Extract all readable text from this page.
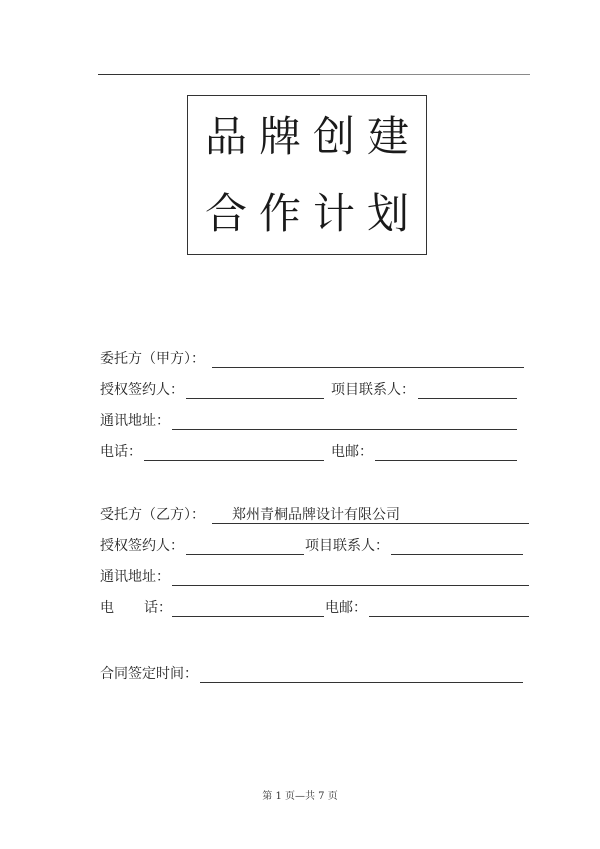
品牌创建
合作计划
委托方（甲方）：
授权签约人：	项目联系人：
通讯地址：
电话：	电邮：
受托方（乙方）： 郑州青桐品牌设计有限公司
授权签约人：	项目联系人：
通讯地址：
电 话：	电邮：
合同签定时间：
第 1 页—共 7 页
